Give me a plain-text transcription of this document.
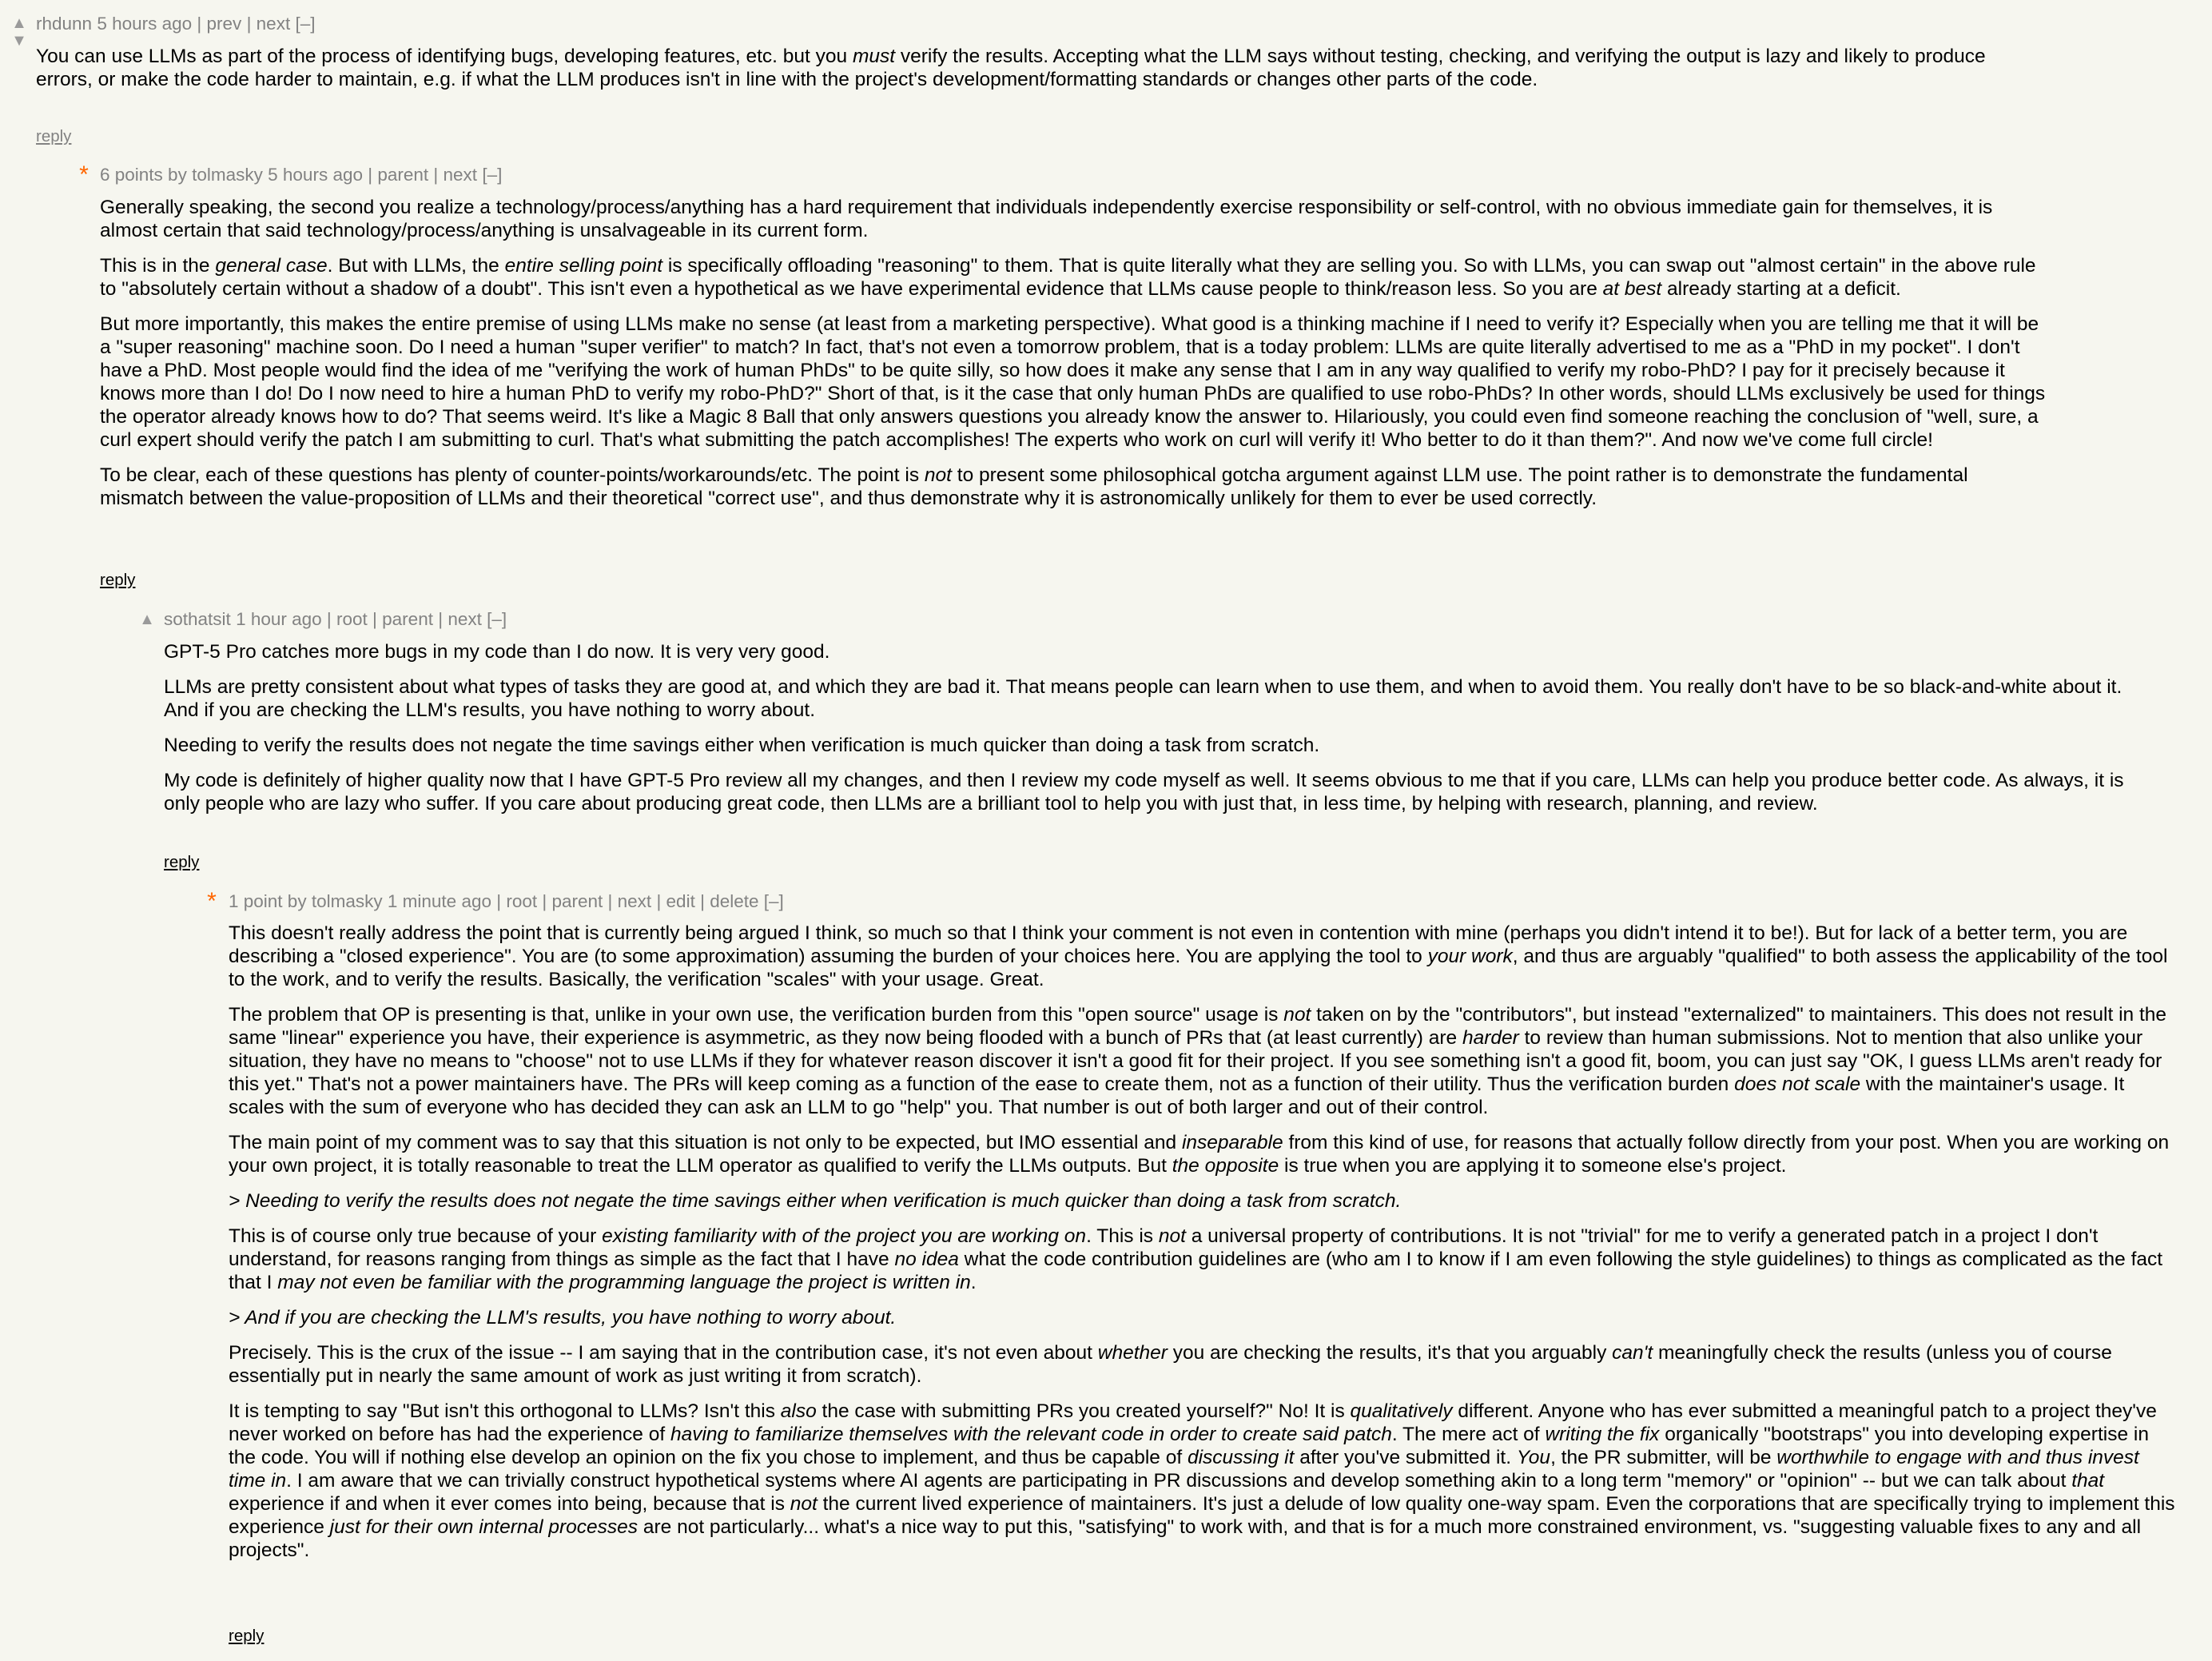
▲
▼
rhdunn 5 hours ago | prev | next [–]

You can use LLMs as part of the process of identifying bugs, developing features, etc. but you must verify the results. Accepting what the LLM says without testing, checking, and verifying the output is lazy and likely to produce errors, or make the code harder to maintain, e.g. if what the LLM produces isn't in line with the project's development/formatting standards or changes other parts of the code.

reply
* 6 points by tolmasky 5 hours ago | parent | next [–]

Generally speaking, the second you realize a technology/process/anything has a hard requirement that individuals independently exercise responsibility or self-control, with no obvious immediate gain for themselves, it is almost certain that said technology/process/anything is unsalvageable in its current form.

This is in the general case. But with LLMs, the entire selling point is specifically offloading "reasoning" to them. That is quite literally what they are selling you. So with LLMs, you can swap out "almost certain" in the above rule to "absolutely certain without a shadow of a doubt". This isn't even a hypothetical as we have experimental evidence that LLMs cause people to think/reason less. So you are at best already starting at a deficit.

But more importantly, this makes the entire premise of using LLMs make no sense (at least from a marketing perspective). What good is a thinking machine if I need to verify it? Especially when you are telling me that it will be a "super reasoning" machine soon. Do I need a human "super verifier" to match? In fact, that's not even a tomorrow problem, that is a today problem: LLMs are quite literally advertised to me as a "PhD in my pocket". I don't have a PhD. Most people would find the idea of me "verifying the work of human PhDs" to be quite silly, so how does it make any sense that I am in any way qualified to verify my robo-PhD? I pay for it precisely because it knows more than I do! Do I now need to hire a human PhD to verify my robo-PhD?" Short of that, is it the case that only human PhDs are qualified to use robo-PhDs? In other words, should LLMs exclusively be used for things the operator already knows how to do? That seems weird. It's like a Magic 8 Ball that only answers questions you already know the answer to. Hilariously, you could even find someone reaching the conclusion of "well, sure, a curl expert should verify the patch I am submitting to curl. That's what submitting the patch accomplishes! The experts who work on curl will verify it! Who better to do it than them?". And now we've come full circle!

To be clear, each of these questions has plenty of counter-points/workarounds/etc. The point is not to present some philosophical gotcha argument against LLM use. The point rather is to demonstrate the fundamental mismatch between the value-proposition of LLMs and their theoretical "correct use", and thus demonstrate why it is astronomically unlikely for them to ever be used correctly.

reply
▲ sothatsit 1 hour ago | root | parent | next [–]

GPT-5 Pro catches more bugs in my code than I do now. It is very very good.

LLMs are pretty consistent about what types of tasks they are good at, and which they are bad it. That means people can learn when to use them, and when to avoid them. You really don't have to be so black-and-white about it. And if you are checking the LLM's results, you have nothing to worry about.

Needing to verify the results does not negate the time savings either when verification is much quicker than doing a task from scratch.

My code is definitely of higher quality now that I have GPT-5 Pro review all my changes, and then I review my code myself as well. It seems obvious to me that if you care, LLMs can help you produce better code. As always, it is only people who are lazy who suffer. If you care about producing great code, then LLMs are a brilliant tool to help you with just that, in less time, by helping with research, planning, and review.

reply
* 1 point by tolmasky 1 minute ago | root | parent | next | edit | delete [–]

This doesn't really address the point that is currently being argued I think, so much so that I think your comment is not even in contention with mine (perhaps you didn't intend it to be!). But for lack of a better term, you are describing a "closed experience". You are (to some approximation) assuming the burden of your choices here. You are applying the tool to your work, and thus are arguably "qualified" to both assess the applicability of the tool to the work, and to verify the results. Basically, the verification "scales" with your usage. Great.

The problem that OP is presenting is that, unlike in your own use, the verification burden from this "open source" usage is not taken on by the "contributors", but instead "externalized" to maintainers. This does not result in the same "linear" experience you have, their experience is asymmetric, as they now being flooded with a bunch of PRs that (at least currently) are harder to review than human submissions. Not to mention that also unlike your situation, they have no means to "choose" not to use LLMs if they for whatever reason discover it isn't a good fit for their project. If you see something isn't a good fit, boom, you can just say "OK, I guess LLMs aren't ready for this yet." That's not a power maintainers have. The PRs will keep coming as a function of the ease to create them, not as a function of their utility. Thus the verification burden does not scale with the maintainer's usage. It scales with the sum of everyone who has decided they can ask an LLM to go "help" you. That number is out of both larger and out of their control.

The main point of my comment was to say that this situation is not only to be expected, but IMO essential and inseparable from this kind of use, for reasons that actually follow directly from your post. When you are working on your own project, it is totally reasonable to treat the LLM operator as qualified to verify the LLMs outputs. But the opposite is true when you are applying it to someone else's project.

> Needing to verify the results does not negate the time savings either when verification is much quicker than doing a task from scratch.

This is of course only true because of your existing familiarity with of the project you are working on. This is not a universal property of contributions. It is not "trivial" for me to verify a generated patch in a project I don't understand, for reasons ranging from things as simple as the fact that I have no idea what the code contribution guidelines are (who am I to know if I am even following the style guidelines) to things as complicated as the fact that I may not even be familiar with the programming language the project is written in.

> And if you are checking the LLM's results, you have nothing to worry about.

Precisely. This is the crux of the issue -- I am saying that in the contribution case, it's not even about whether you are checking the results, it's that you arguably can't meaningfully check the results (unless you of course essentially put in nearly the same amount of work as just writing it from scratch).

It is tempting to say "But isn't this orthogonal to LLMs? Isn't this also the case with submitting PRs you created yourself?" No! It is qualitatively different. Anyone who has ever submitted a meaningful patch to a project they've never worked on before has had the experience of having to familiarize themselves with the relevant code in order to create said patch. The mere act of writing the fix organically "bootstraps" you into developing expertise in the code. You will if nothing else develop an opinion on the fix you chose to implement, and thus be capable of discussing it after you've submitted it. You, the PR submitter, will be worthwhile to engage with and thus invest time in. I am aware that we can trivially construct hypothetical systems where AI agents are participating in PR discussions and develop something akin to a long term "memory" or "opinion" -- but we can talk about that experience if and when it ever comes into being, because that is not the current lived experience of maintainers. It's just a delude of low quality one-way spam. Even the corporations that are specifically trying to implement this experience just for their own internal processes are not particularly... what's a nice way to put this, "satisfying" to work with, and that is for a much more constrained environment, vs. "suggesting valuable fixes to any and all projects".

reply
